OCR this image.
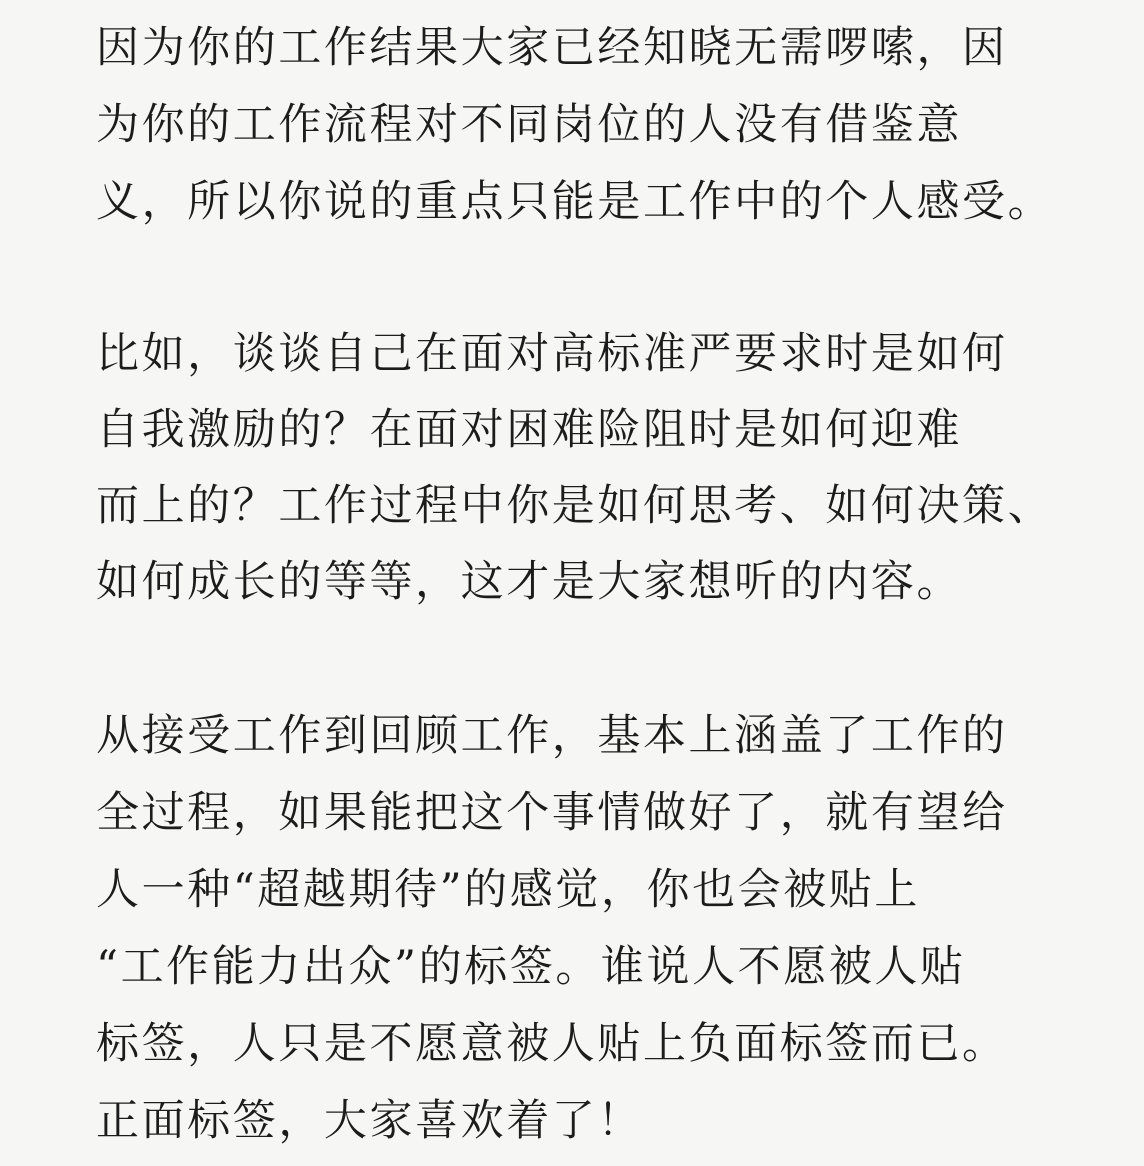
因为你的工作结果大家已经知晓无需啰嗦，因
为你的工作流程对不同岗位的人没有借鉴意
义，所以你说的重点只能是工作中的个人感受。
比如，谈谈自己在面对高标准严要求时是如何
自我激励的？在面对困难险阻时是如何迎难
而上的？工作过程中你是如何思考、如何决策、
如何成长的等等，这才是大家想听的内容。
从接受工作到回顾工作，基本上涵盖了工作的
全过程，如果能把这个事情做好了，就有望给
人一种“超越期待”的感觉，你也会被贴上
“工作能力出众”的标签。谁说人不愿被人贴
标签，人只是不愿意被人贴上负面标签而已。
正面标签，大家喜欢着了！
